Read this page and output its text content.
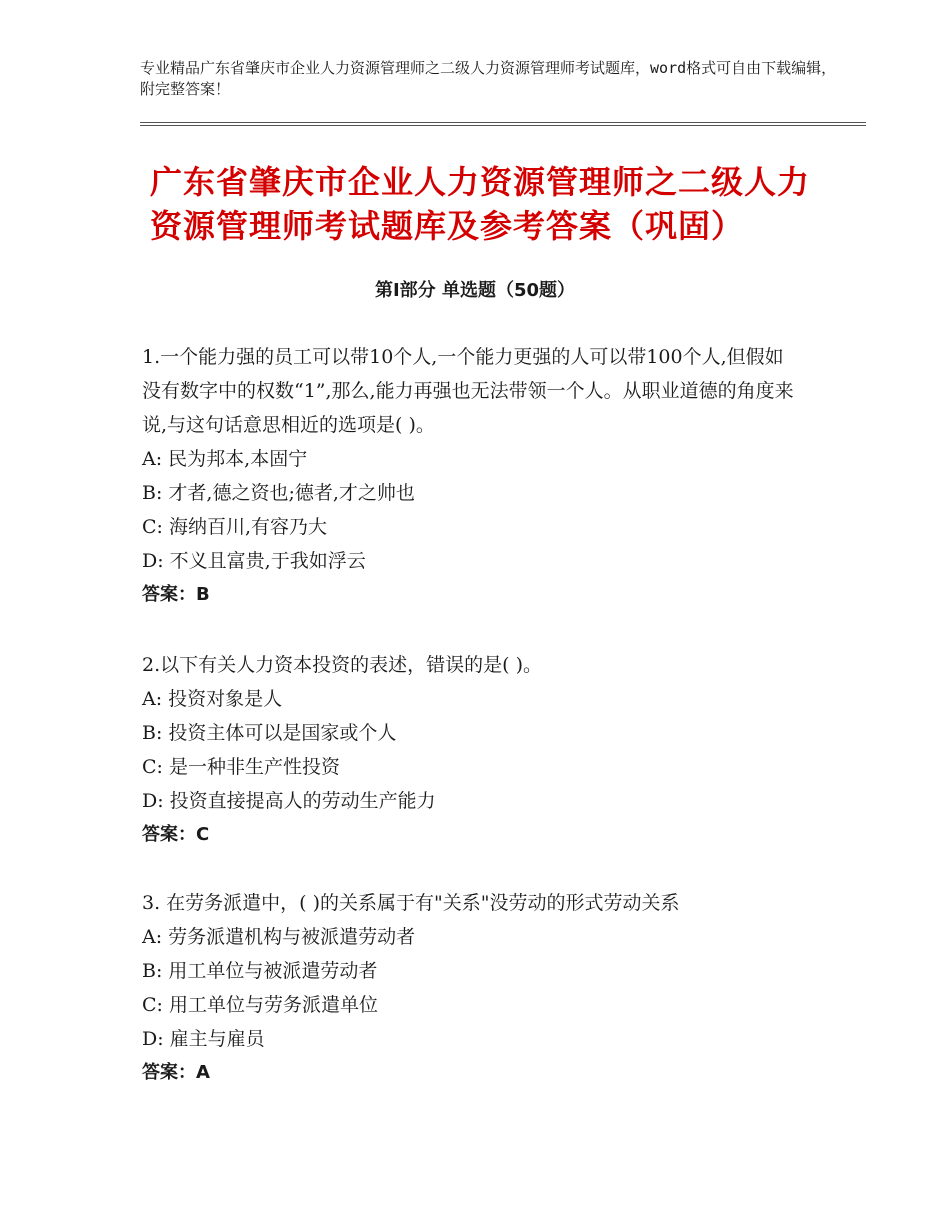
专业精品广东省肇庆市企业人力资源管理师之二级人力资源管理师考试题库，word格式可自由下载编辑，附完整答案！
广东省肇庆市企业人力资源管理师之二级人力资源管理师考试题库及参考答案（巩固）
第Ⅰ部分 单选题（50题）

1.一个能力强的员工可以带10个人,一个能力更强的人可以带100个人,但假如没有数字中的权数“1”,那么,能力再强也无法带领一个人。从职业道德的角度来说,与这句话意思相近的选项是( )。

A: 民为邦本,本固宁

B: 才者,德之资也;德者,才之帅也

C: 海纳百川,有容乃大

D: 不义且富贵,于我如浮云

答案：B

2.以下有关人力资本投资的表述，错误的是( )。

A: 投资对象是人

B: 投资主体可以是国家或个人

C: 是一种非生产性投资

D: 投资直接提高人的劳动生产能力

答案：C

3. 在劳务派遣中，( )的关系属于有"关系"没劳动的形式劳动关系

A: 劳务派遣机构与被派遣劳动者

B: 用工单位与被派遣劳动者

C: 用工单位与劳务派遣单位

D: 雇主与雇员

答案：A
